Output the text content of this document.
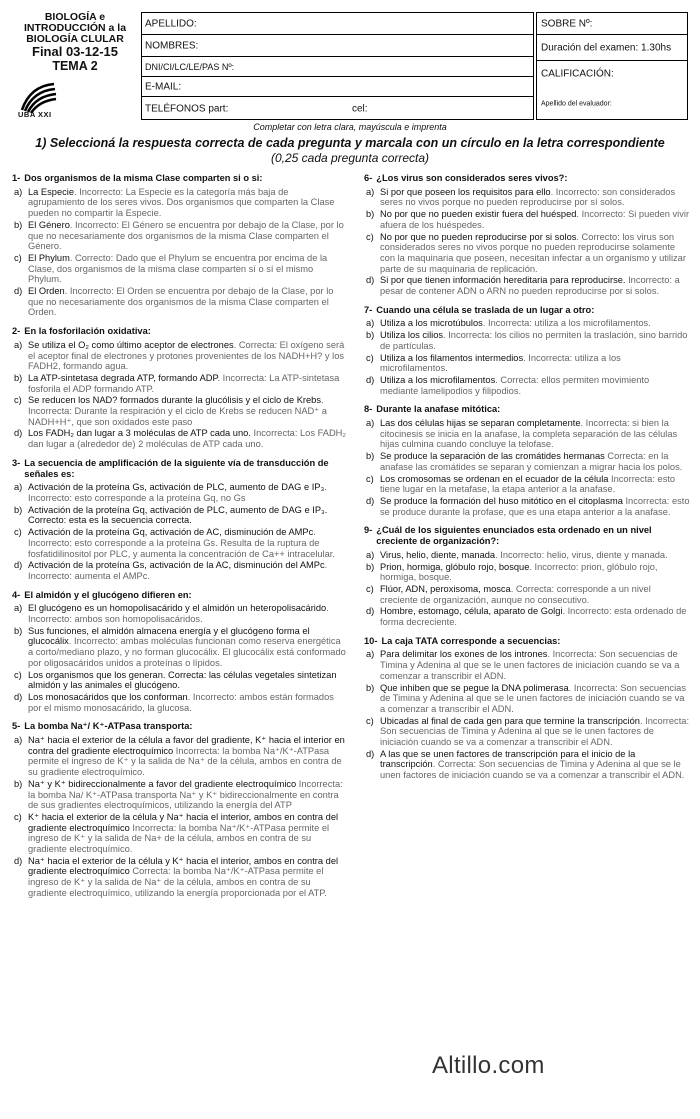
BIOLOGÍA e
INTRODUCCIÓN a la
BIOLOGÍA CLULAR
Final 03-12-15
TEMA 2
UBA XXI
APELLIDO:
NOMBRES:
DNI/CI/LC/LE/PAS Nº:
E-MAIL:
TELÉFONOS part:	cel:
SOBRE Nº:
Duración del examen: 1.30hs
CALIFICACIÓN:
Apellido del evaluador:
Completar con letra clara, mayúscula e imprenta
1) Seleccioná la respuesta correcta de cada pregunta y marcala con un círculo en la letra correspondiente
(0,25 cada pregunta correcta)
1- Dos organismos de la misma Clase comparten si o si:
a) La Especie. Incorrecto: La Especie es la categoría más baja de agrupamiento de los seres vivos. Dos organismos que comparten la Clase pueden no compartir la Especie.
b) El Género. Incorrecto: El Género se encuentra por debajo de la Clase, por lo que no necesariamente dos organismos de la misma Clase comparten el Género.
c) El Phylum. Correcto: Dado que el Phylum se encuentra por encima de la Clase, dos organismos de la misma clase comparten sí o sí el mismo Phylum.
d) El Orden. Incorrecto: El Orden se encuentra por debajo de la Clase, por lo que no necesariamente dos organismos de la misma Clase comparten el Orden.
2- En la fosforilación oxidativa:
a) Se utiliza el O₂ como último aceptor de electrones. Correcta: El oxígeno será el aceptor final de electrones y protones provenientes de los NADH+H? y los FADH2, formando agua.
b) La ATP-sintetasa degrada ATP, formando ADP. Incorrecta: La ATP-sintetasa fosforila el ADP formando ATP.
c) Se reducen los NAD? formados durante la glucólisis y el ciclo de Krebs. Incorrecta: Durante la respiración y el ciclo de Krebs se reducen NAD⁺ a NADH+H⁺, que son oxidados este paso
d) Los FADH₂ dan lugar a 3 moléculas de ATP cada uno. Incorrecta: Los FADH₂ dan lugar a (alrededor de) 2 moléculas de ATP cada uno.
3- La secuencia de amplificación de la siguiente vía de transducción de señales es:
a) Activación de la proteína Gs, activación de PLC, aumento de DAG e IP₃. Incorrecto: esto corresponde a la proteína Gq, no Gs
b) Activación de la proteína Gq, activación de PLC, aumento de DAG e IP₃. Correcto: esta es la secuencia correcta.
c) Activación de la proteína Gq, activación de AC, disminución de AMPc. Incorrecto: esto corresponde a la proteína Gs. Resulta de la ruptura de fosfatidilinositol por PLC, y aumenta la concentración de Ca++ intracelular.
d) Activación de la proteína Gs, activación de la AC, disminución del AMPc. Incorrecto: aumenta el AMPc.
4- El almidón y el glucógeno difieren en:
a) El glucógeno es un homopolisacárido y el almidón un heteropolisacárido. Incorrecto: ambos son homopolisacáridos.
b) Sus funciones, el almidón almacena energía y el glucógeno forma el glucocálix. Incorrecto: ambas moléculas funcionan como reserva energética a corto/mediano plazo, y no forman glucocálix. El glucocálix está conformado por oligosacáridos unidos a proteínas o lípidos.
c) Los organismos que los generan. Correcta: las células vegetales sintetizan almidón y las animales el glucógeno.
d) Los monosacáridos que los conforman. Incorrecto: ambos están formados por el mismo monosacárido, la glucosa.
5- La bomba Na⁺/ K⁺-ATPasa transporta:
a) Na⁺ hacia el exterior de la célula a favor del gradiente, K⁺ hacia el interior en contra del gradiente electroquímico Incorrecta: la bomba Na⁺/K⁺-ATPasa permite el ingreso de K⁺ y la salida de Na⁺ de la célula, ambos en contra de su gradiente electroquímico.
b) Na⁺ y K⁺ bidireccionalmente a favor del gradiente electroquímico Incorrecta: la bomba Na/ K⁺-ATPasa transporta Na⁺ y K⁺ bidireccionalmente en contra de sus gradientes electroquímicos, utilizando la energía del ATP
c) K⁺ hacia el exterior de la célula y Na⁺ hacia el interior, ambos en contra del gradiente electroquímico Incorrecta: la bomba Na⁺/K⁺-ATPasa permite el ingreso de K⁺ y la salida de Na+ de la célula, ambos en contra de su gradiente electroquímico.
d) Na⁺ hacia el exterior de la célula y K⁺ hacia el interior, ambos en contra del gradiente electroquímico Correcta: la bomba Na⁺/K⁺-ATPasa permite el ingreso de K⁺ y la salida de Na⁺ de la célula, ambos en contra de su gradiente electroquímico, utilizando la energía proporcionada por el ATP.
6- ¿Los virus son considerados seres vivos?:
a) Si por que poseen los requisitos para ello. Incorrecto: son considerados seres no vivos porque no pueden reproducirse por sí solos.
b) No por que no pueden existir fuera del huésped. Incorrecto: Si pueden vivir afuera de los huéspedes.
c) No por que no pueden reproducirse por si solos. Correcto: los virus son considerados seres no vivos porque no pueden reproducirse solamente con la maquinaria que poseen, necesitan infectar a un organismo y utilizar parte de su maquinaria de replicación.
d) Si por que tienen información hereditaria para reproducirse. Incorrecto: a pesar de contener ADN o ARN no pueden reproducirse por si solos.
7- Cuando una célula se traslada de un lugar a otro:
a) Utiliza a los microtúbulos. Incorrecta: utiliza a los microfilamentos.
b) Utiliza los cilios. Incorrecta: los cilios no permiten la traslación, sino barrido de partículas.
c) Utiliza a los filamentos intermedios. Incorrecta: utiliza a los microfilamentos.
d) Utiliza a los microfilamentos. Correcta: ellos permiten movimiento mediante lamelipodios y filipodios.
8- Durante la anafase mitótica:
a) Las dos células hijas se separan completamente. Incorrecta: si bien la citocinesis se inicia en la anafase, la completa separación de las células hijas culmina cuando concluye la telofase.
b) Se produce la separación de las cromátides hermanas Correcta: en la anafase las cromátides se separan y comienzan a migrar hacia los polos.
c) Los cromosomas se ordenan en el ecuador de la célula Incorrecta: esto tiene lugar en la metafase, la etapa anterior a la anafase.
d) Se produce la formación del huso mitótico en el citoplasma Incorrecta: esto se produce durante la profase, que es una etapa anterior a la anafase.
9- ¿Cuál de los siguientes enunciados esta ordenado en un nivel creciente de organización?:
a) Virus, helio, diente, manada. Incorrecto: helio, virus, diente y manada.
b) Prion, hormiga, glóbulo rojo, bosque. Incorrecto: prion, glóbulo rojo, hormiga, bosque.
c) Flúor, ADN, peroxisoma, mosca. Correcta: corresponde a un nivel creciente de organización, aunque no consecutivo.
d) Hombre, estomago, célula, aparato de Golgi. Incorrecto: esta ordenado de forma decreciente.
10- La caja TATA corresponde a secuencias:
a) Para delimitar los exones de los intrones. Incorrecta: Son secuencias de Timina y Adenina al que se le unen factores de iniciación cuando se va a comenzar a transcribir el ADN.
b) Que inhiben que se pegue la DNA polimerasa. Incorrecta: Son secuencias de Timina y Adenina al que se le unen factores de iniciación cuando se va a comenzar a transcribir el ADN.
c) Ubicadas al final de cada gen para que termine la transcripción. Incorrecta: Son secuencias de Timina y Adenina al que se le unen factores de iniciación cuando se va a comenzar a transcribir el ADN.
d) A las que se unen factores de transcripción para el inicio de la transcripción. Correcta: Son secuencias de Timina y Adenina al que se le unen factores de iniciación cuando se va a comenzar a transcribir el ADN.
Altillo.com
